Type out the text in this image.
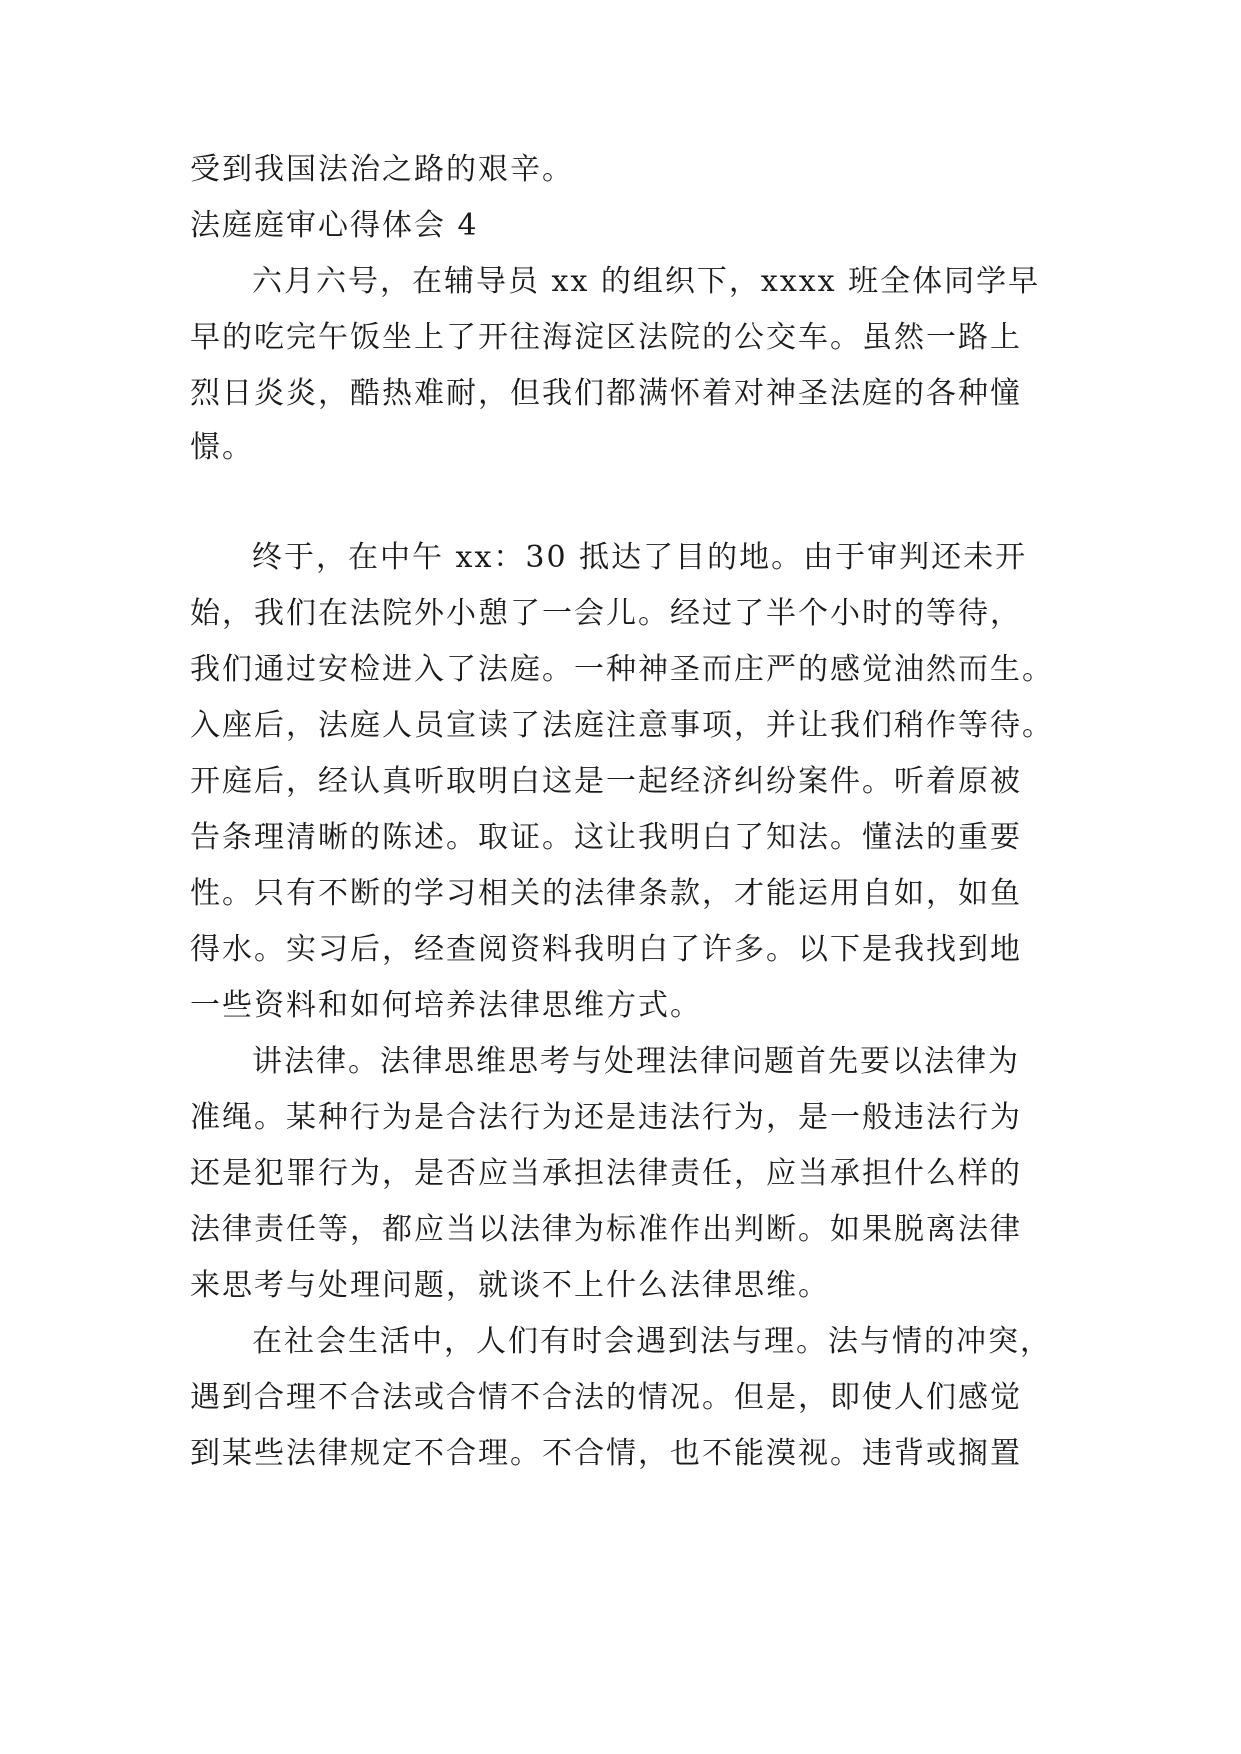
受到我国法治之路的艰辛。
法庭庭审心得体会 4
六月六号，在辅导员 xx 的组织下，xxxx 班全体同学早
早的吃完午饭坐上了开往海淀区法院的公交车。虽然一路上
烈日炎炎，酷热难耐，但我们都满怀着对神圣法庭的各种憧
憬。
终于，在中午 xx：30 抵达了目的地。由于审判还未开
始，我们在法院外小憩了一会儿。经过了半个小时的等待，
我们通过安检进入了法庭。一种神圣而庄严的感觉油然而生。
入座后，法庭人员宣读了法庭注意事项，并让我们稍作等待。
开庭后，经认真听取明白这是一起经济纠纷案件。听着原被
告条理清晰的陈述。取证。这让我明白了知法。懂法的重要
性。只有不断的学习相关的法律条款，才能运用自如，如鱼
得水。实习后，经查阅资料我明白了许多。以下是我找到地
一些资料和如何培养法律思维方式。
讲法律。法律思维思考与处理法律问题首先要以法律为
准绳。某种行为是合法行为还是违法行为，是一般违法行为
还是犯罪行为，是否应当承担法律责任，应当承担什么样的
法律责任等，都应当以法律为标准作出判断。如果脱离法律
来思考与处理问题，就谈不上什么法律思维。
在社会生活中，人们有时会遇到法与理。法与情的冲突，
遇到合理不合法或合情不合法的情况。但是，即使人们感觉
到某些法律规定不合理。不合情，也不能漠视。违背或搁置
